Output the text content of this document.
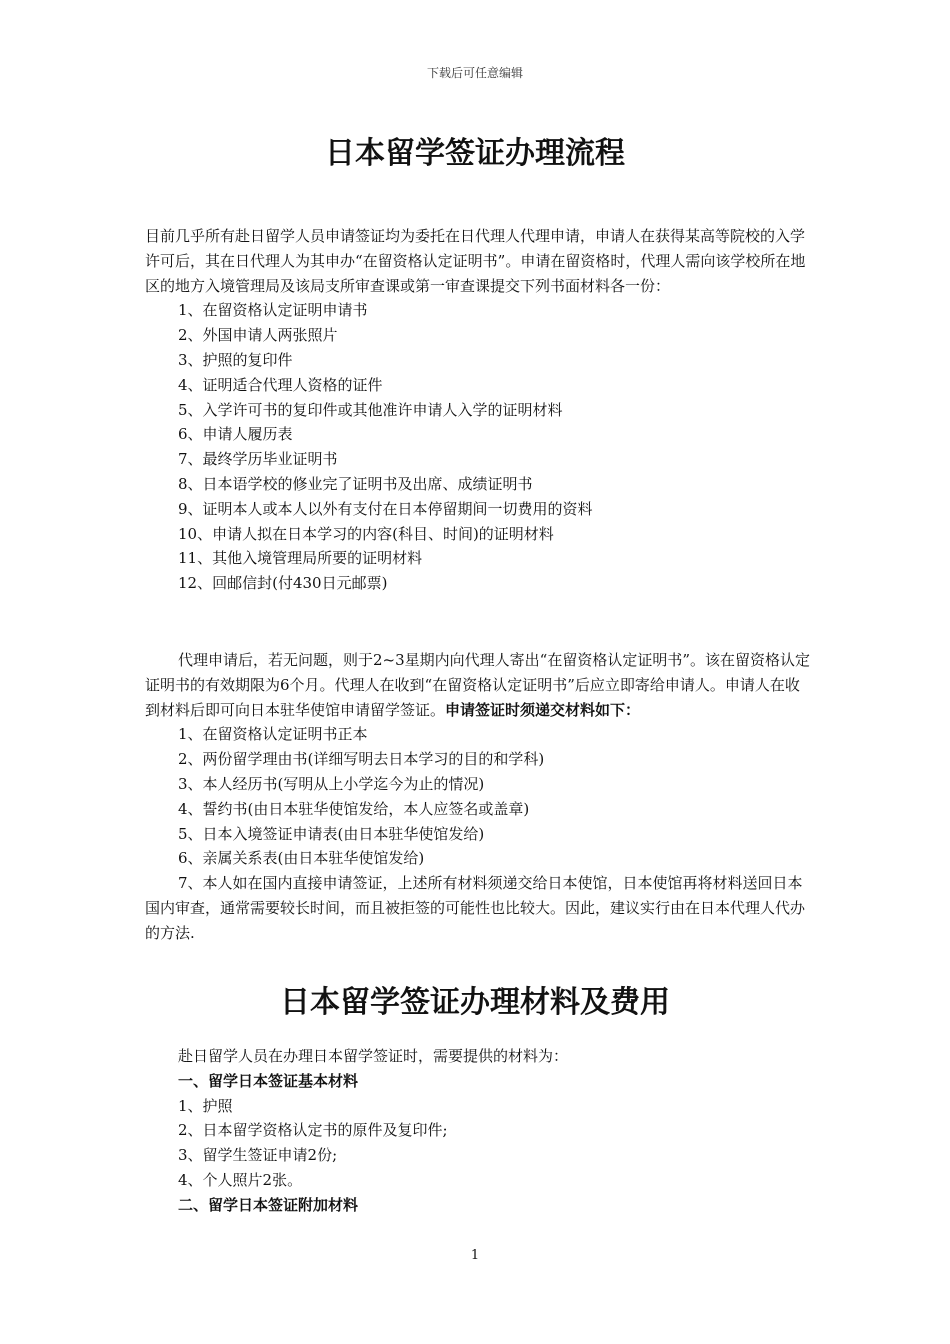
下载后可任意编辑
日本留学签证办理流程

目前几乎所有赴日留学人员申请签证均为委托在日代理人代理申请，申请人在获得某高等院校的入学许可后，其在日代理人为其申办“在留资格认定证明书”。申请在留资格时，代理人需向该学校所在地区的地方入境管理局及该局支所审查课或第一审查课提交下列书面材料各一份：

1、在留资格认定证明申请书

2、外国申请人两张照片

3、护照的复印件

4、证明适合代理人资格的证件

5、入学许可书的复印件或其他准许申请人入学的证明材料

6、申请人履历表

7、最终学历毕业证明书

8、日本语学校的修业完了证明书及出席、成绩证明书

9、证明本人或本人以外有支付在日本停留期间一切费用的资料

10、申请人拟在日本学习的内容(科目、时间)的证明材料

11、其他入境管理局所要的证明材料

12、回邮信封(付430日元邮票)

代理申请后，若无问题，则于2~3星期内向代理人寄出“在留资格认定证明书”。该在留资格认定证明书的有效期限为6个月。代理人在收到“在留资格认定证明书”后应立即寄给申请人。申请人在收到材料后即可向日本驻华使馆申请留学签证。申请签证时须递交材料如下：

1、在留资格认定证明书正本

2、两份留学理由书(详细写明去日本学习的目的和学科)

3、本人经历书(写明从上小学迄今为止的情况)

4、誓约书(由日本驻华使馆发给，本人应签名或盖章)

5、日本入境签证申请表(由日本驻华使馆发给)

6、亲属关系表(由日本驻华使馆发给)

7、本人如在国内直接申请签证，上述所有材料须递交给日本使馆，日本使馆再将材料送回日本国内审查，通常需要较长时间，而且被拒签的可能性也比较大。因此，建议实行由在日本代理人代办的方法.

日本留学签证办理材料及费用

赴日留学人员在办理日本留学签证时，需要提供的材料为：

一、留学日本签证基本材料

1、护照

2、日本留学资格认定书的原件及复印件;

3、留学生签证申请2份;

4、个人照片2张。

二、留学日本签证附加材料

1
